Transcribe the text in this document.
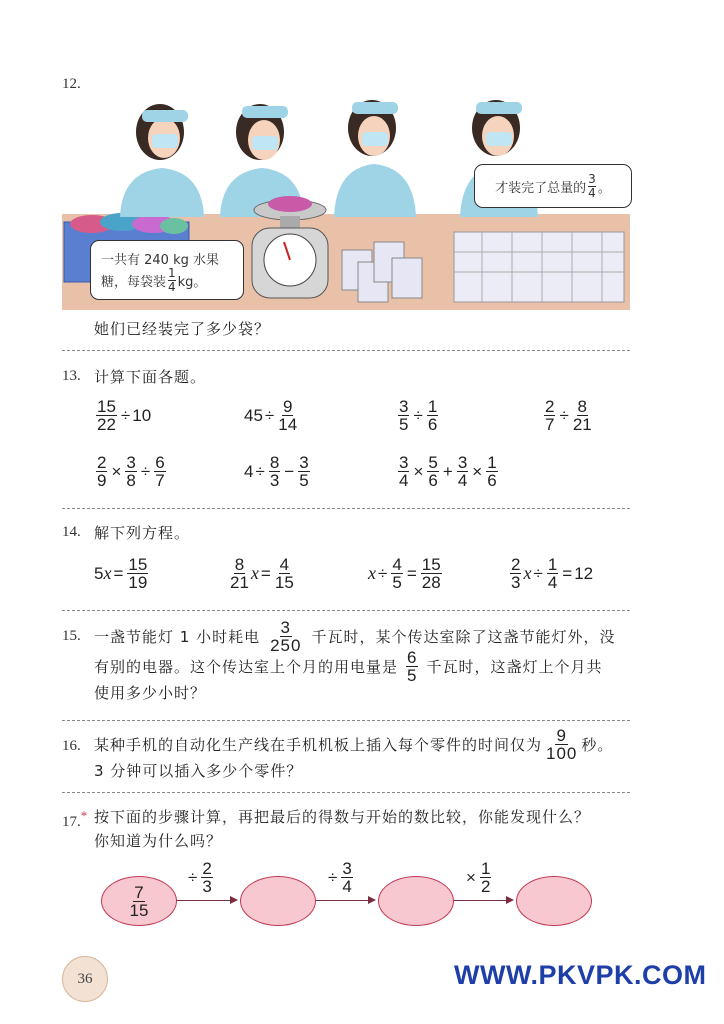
12.
一共有 240 kg 水果
糖，每袋装 $\frac{1}{4}$ kg。
才装完了总量的 $\frac{3}{4}$ 。
她们已经装完了多少袋？
13. 计算下面各题。
$\frac{15}{22} \div 10$	$45 \div \frac{9}{14}$	$\frac{3}{5} \div \frac{1}{6}$	$\frac{2}{7} \div \frac{8}{21}$
$\frac{2}{9} \times \frac{3}{8} \div \frac{6}{7}$	$4 \div \frac{8}{3} - \frac{3}{5}$	$\frac{3}{4} \times \frac{5}{6} + \frac{3}{4} \times \frac{1}{6}$
14. 解下列方程。
5 $x = \frac{15}{19}$	$\frac{8}{21}$ $x = \frac{4}{15}$	$x \div \frac{4}{5} = \frac{15}{28}$	$\frac{2}{3}$ $x \div \frac{1}{4} = 12$
15. 一盏节能灯 1 小时耗电 $\frac{3}{250}$ 千瓦时，某个传达室除了这盏节能灯外，没
有别的电器。这个传达室上个月的用电量是 $\frac{6}{5}$ 千瓦时，这盏灯上个月共
使用多少小时？
16. 某种手机的自动化生产线在手机机板上插入每个零件的时间仅为 $\frac{9}{100}$ 秒。
3 分钟可以插入多少个零件？
17.* 按下面的步骤计算，再把最后的得数与开始的数比较，你能发现什么？
你知道为什么吗？
$\frac{7}{15}$
÷ $\frac{2}{3}$	÷ $\frac{3}{4}$	× $\frac{1}{2}$
36	WWW.PKVPK.COM
